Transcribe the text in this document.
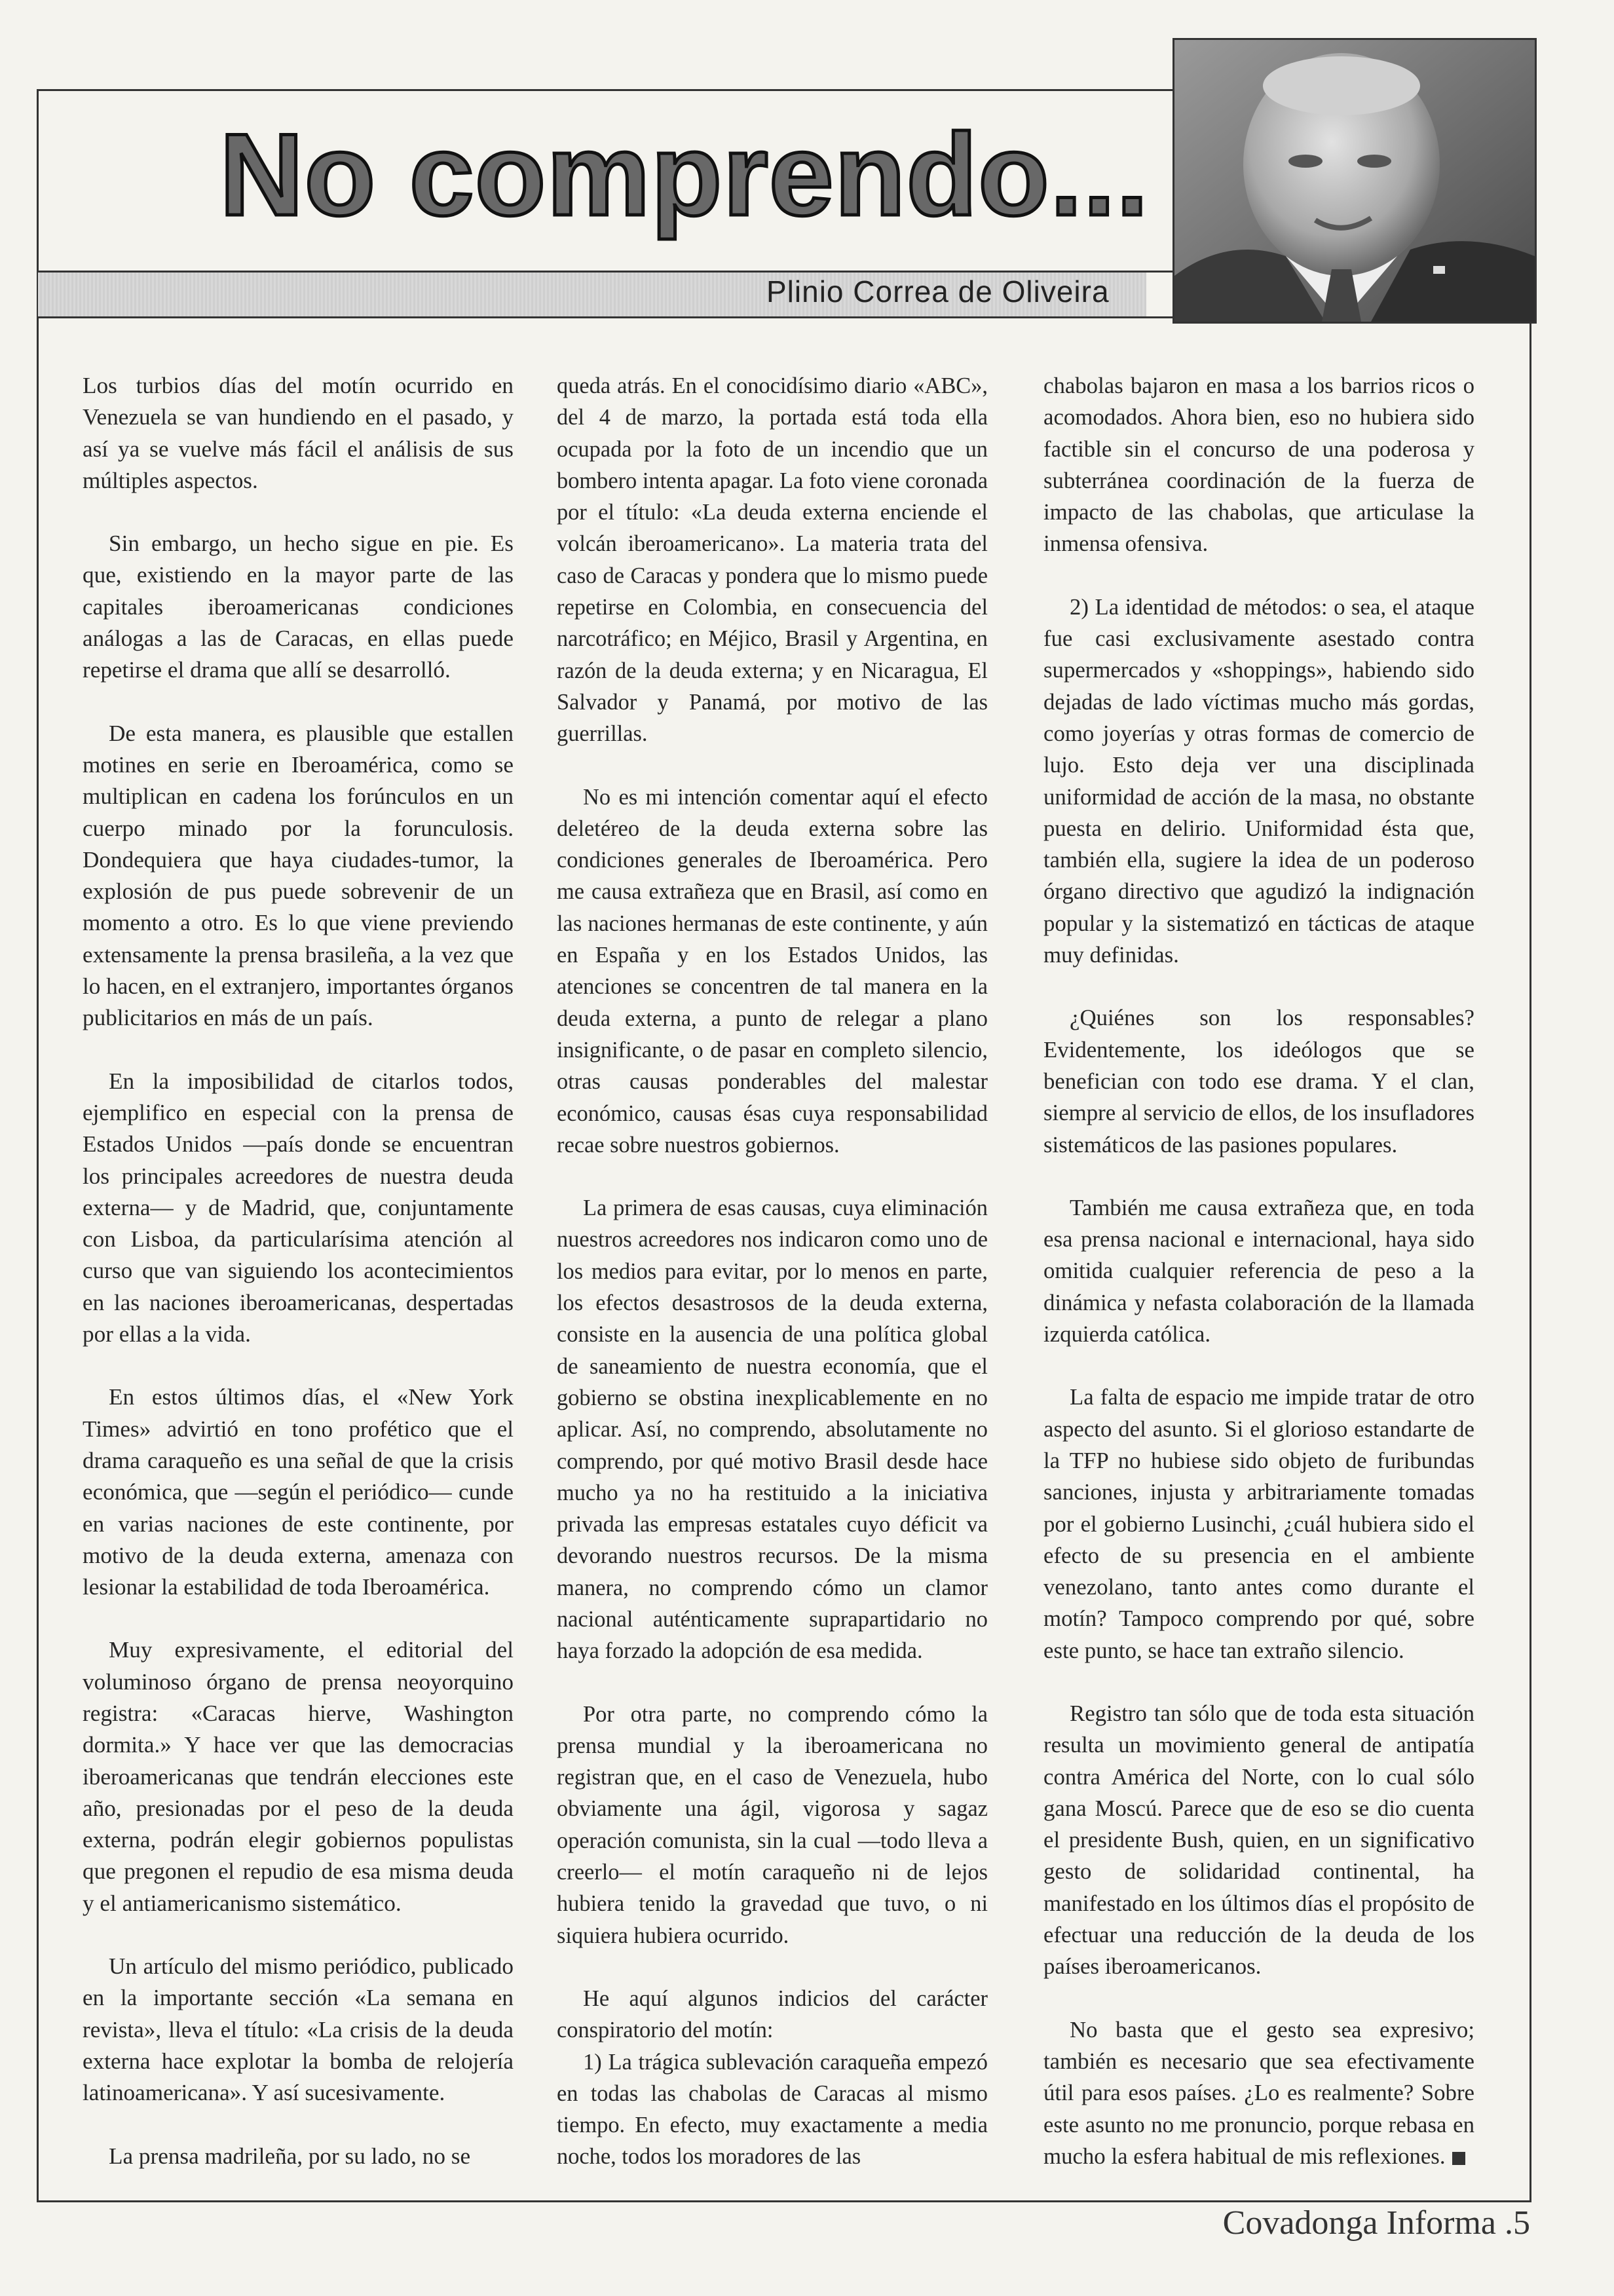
No comprendo...
Plinio Correa de Oliveira

Los turbios días del motín ocurrido en Venezuela se van hundiendo en el pasado, y así ya se vuelve más fácil el análisis de sus múltiples aspectos.

Sin embargo, un hecho sigue en pie. Es que, existiendo en la mayor parte de las capitales iberoamericanas condiciones análogas a las de Caracas, en ellas puede repetirse el drama que allí se desarrolló.

De esta manera, es plausible que estallen motines en serie en Iberoamérica, como se multiplican en cadena los forúnculos en un cuerpo minado por la forunculosis. Dondequiera que haya ciudades-tumor, la explosión de pus puede sobrevenir de un momento a otro. Es lo que viene previendo extensamente la prensa brasileña, a la vez que lo hacen, en el extranjero, importantes órganos publicitarios en más de un país.

En la imposibilidad de citarlos todos, ejemplifico en especial con la prensa de Estados Unidos —país donde se encuentran los principales acreedores de nuestra deuda externa— y de Madrid, que, conjuntamente con Lisboa, da particularísima atención al curso que van siguiendo los acontecimientos en las naciones iberoamericanas, despertadas por ellas a la vida.

En estos últimos días, el «New York Times» advirtió en tono profético que el drama caraqueño es una señal de que la crisis económica, que —según el periódico— cunde en varias naciones de este continente, por motivo de la deuda externa, amenaza con lesionar la estabilidad de toda Iberoamérica.

Muy expresivamente, el editorial del voluminoso órgano de prensa neoyorquino registra: «Caracas hierve, Washington dormita.» Y hace ver que las democracias iberoamericanas que tendrán elecciones este año, presionadas por el peso de la deuda externa, podrán elegir gobiernos populistas que pregonen el repudio de esa misma deuda y el antiamericanismo sistemático.

Un artículo del mismo periódico, publicado en la importante sección «La semana en revista», lleva el título: «La crisis de la deuda externa hace explotar la bomba de relojería latinoamericana». Y así sucesivamente.

La prensa madrileña, por su lado, no se

queda atrás. En el conocidísimo diario «ABC», del 4 de marzo, la portada está toda ella ocupada por la foto de un incendio que un bombero intenta apagar. La foto viene coronada por el título: «La deuda externa enciende el volcán iberoamericano». La materia trata del caso de Caracas y pondera que lo mismo puede repetirse en Colombia, en consecuencia del narcotráfico; en Méjico, Brasil y Argentina, en razón de la deuda externa; y en Nicaragua, El Salvador y Panamá, por motivo de las guerrillas.

No es mi intención comentar aquí el efecto deletéreo de la deuda externa sobre las condiciones generales de Iberoamérica. Pero me causa extrañeza que en Brasil, así como en las naciones hermanas de este continente, y aún en España y en los Estados Unidos, las atenciones se concentren de tal manera en la deuda externa, a punto de relegar a plano insignificante, o de pasar en completo silencio, otras causas ponderables del malestar económico, causas ésas cuya responsabilidad recae sobre nuestros gobiernos.

La primera de esas causas, cuya eliminación nuestros acreedores nos indicaron como uno de los medios para evitar, por lo menos en parte, los efectos desastrosos de la deuda externa, consiste en la ausencia de una política global de saneamiento de nuestra economía, que el gobierno se obstina inexplicablemente en no aplicar. Así, no comprendo, absolutamente no comprendo, por qué motivo Brasil desde hace mucho ya no ha restituido a la iniciativa privada las empresas estatales cuyo déficit va devorando nuestros recursos. De la misma manera, no comprendo cómo un clamor nacional auténticamente suprapartidario no haya forzado la adopción de esa medida.

Por otra parte, no comprendo cómo la prensa mundial y la iberoamericana no registran que, en el caso de Venezuela, hubo obviamente una ágil, vigorosa y sagaz operación comunista, sin la cual —todo lleva a creerlo— el motín caraqueño ni de lejos hubiera tenido la gravedad que tuvo, o ni siquiera hubiera ocurrido.

He aquí algunos indicios del carácter conspiratorio del motín:

1) La trágica sublevación caraqueña empezó en todas las chabolas de Caracas al mismo tiempo. En efecto, muy exactamente a media noche, todos los moradores de las

chabolas bajaron en masa a los barrios ricos o acomodados. Ahora bien, eso no hubiera sido factible sin el concurso de una poderosa y subterránea coordinación de la fuerza de impacto de las chabolas, que articulase la inmensa ofensiva.

2) La identidad de métodos: o sea, el ataque fue casi exclusivamente asestado contra supermercados y «shoppings», habiendo sido dejadas de lado víctimas mucho más gordas, como joyerías y otras formas de comercio de lujo. Esto deja ver una disciplinada uniformidad de acción de la masa, no obstante puesta en delirio. Uniformidad ésta que, también ella, sugiere la idea de un poderoso órgano directivo que agudizó la indignación popular y la sistematizó en tácticas de ataque muy definidas.

¿Quiénes son los responsables? Evidentemente, los ideólogos que se benefician con todo ese drama. Y el clan, siempre al servicio de ellos, de los insufladores sistemáticos de las pasiones populares.

También me causa extrañeza que, en toda esa prensa nacional e internacional, haya sido omitida cualquier referencia de peso a la dinámica y nefasta colaboración de la llamada izquierda católica.

La falta de espacio me impide tratar de otro aspecto del asunto. Si el glorioso estandarte de la TFP no hubiese sido objeto de furibundas sanciones, injusta y arbitrariamente tomadas por el gobierno Lusinchi, ¿cuál hubiera sido el efecto de su presencia en el ambiente venezolano, tanto antes como durante el motín? Tampoco comprendo por qué, sobre este punto, se hace tan extraño silencio.

Registro tan sólo que de toda esta situación resulta un movimiento general de antipatía contra América del Norte, con lo cual sólo gana Moscú. Parece que de eso se dio cuenta el presidente Bush, quien, en un significativo gesto de solidaridad continental, ha manifestado en los últimos días el propósito de efectuar una reducción de la deuda de los países iberoamericanos.

No basta que el gesto sea expresivo; también es necesario que sea efectivamente útil para esos países. ¿Lo es realmente? Sobre este asunto no me pronuncio, porque rebasa en mucho la esfera habitual de mis reflexiones.

Covadonga Informa .5
